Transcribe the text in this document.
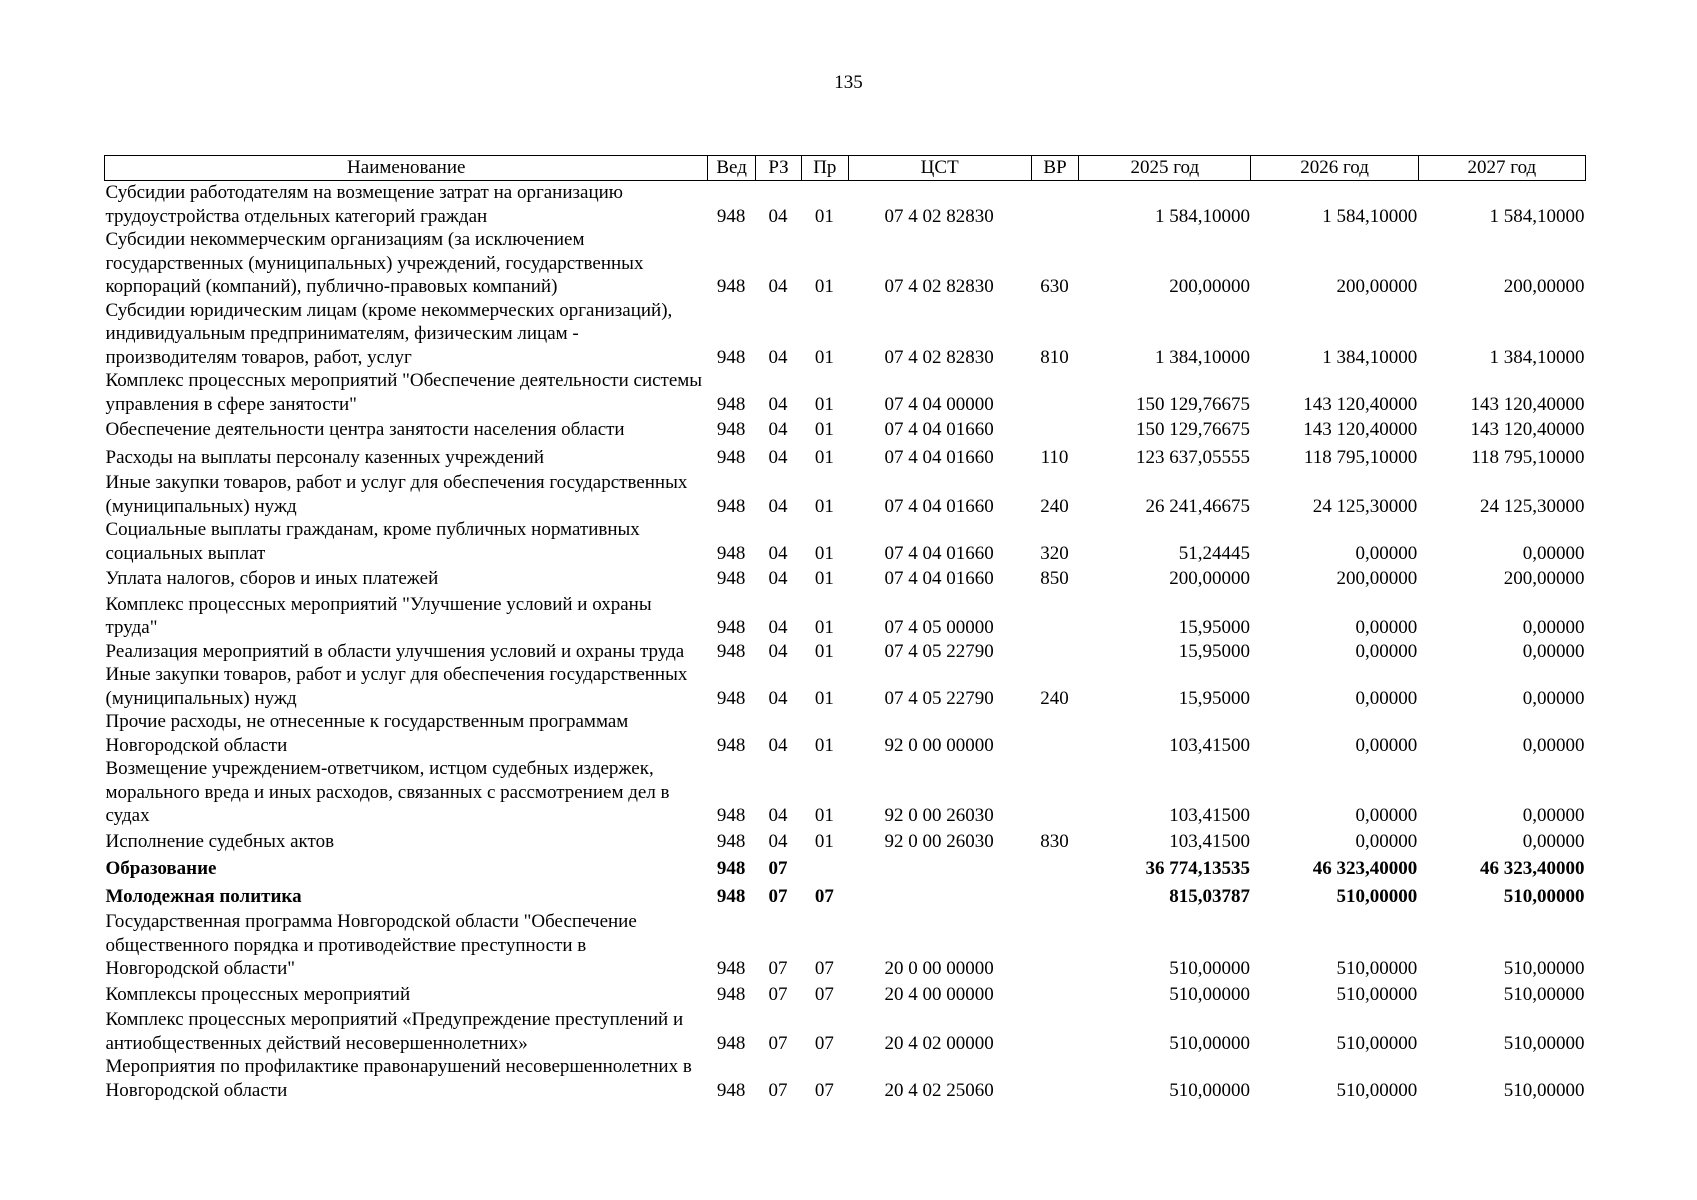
135
Наименование	Вед	РЗ	Пр	ЦСТ	ВР	2025 год	2026 год	2027 год
Субсидии работодателям на возмещение затрат на организацию трудоустройства отдельных категорий граждан	948	04	01	07 4 02 82830		1 584,10000	1 584,10000	1 584,10000
Субсидии некоммерческим организациям (за исключением государственных (муниципальных) учреждений, государственных корпораций (компаний), публично-правовых компаний)	948	04	01	07 4 02 82830	630	200,00000	200,00000	200,00000
Субсидии юридическим лицам (кроме некоммерческих организаций), индивидуальным предпринимателям, физическим лицам - производителям товаров, работ, услуг	948	04	01	07 4 02 82830	810	1 384,10000	1 384,10000	1 384,10000
Комплекс процессных мероприятий "Обеспечение деятельности системы управления в сфере занятости"	948	04	01	07 4 04 00000		150 129,76675	143 120,40000	143 120,40000
Обеспечение деятельности центра занятости населения области	948	04	01	07 4 04 01660		150 129,76675	143 120,40000	143 120,40000
Расходы на выплаты персоналу казенных учреждений	948	04	01	07 4 04 01660	110	123 637,05555	118 795,10000	118 795,10000
Иные закупки товаров, работ и услуг для обеспечения государственных (муниципальных) нужд	948	04	01	07 4 04 01660	240	26 241,46675	24 125,30000	24 125,30000
Социальные выплаты гражданам, кроме публичных нормативных социальных выплат	948	04	01	07 4 04 01660	320	51,24445	0,00000	0,00000
Уплата налогов, сборов и иных платежей	948	04	01	07 4 04 01660	850	200,00000	200,00000	200,00000
Комплекс процессных мероприятий "Улучшение условий и охраны труда"	948	04	01	07 4 05 00000		15,95000	0,00000	0,00000
Реализация мероприятий в области улучшения условий и охраны труда	948	04	01	07 4 05 22790		15,95000	0,00000	0,00000
Иные закупки товаров, работ и услуг для обеспечения государственных (муниципальных) нужд	948	04	01	07 4 05 22790	240	15,95000	0,00000	0,00000
Прочие расходы, не отнесенные к государственным программам Новгородской области	948	04	01	92 0 00 00000		103,41500	0,00000	0,00000
Возмещение учреждением-ответчиком, истцом судебных издержек, морального вреда и иных расходов, связанных с рассмотрением дел в судах	948	04	01	92 0 00 26030		103,41500	0,00000	0,00000
Исполнение судебных актов	948	04	01	92 0 00 26030	830	103,41500	0,00000	0,00000
Образование	948	07				36 774,13535	46 323,40000	46 323,40000
Молодежная политика	948	07	07			815,03787	510,00000	510,00000
Государственная программа Новгородской области "Обеспечение общественного порядка и противодействие преступности в Новгородской области"	948	07	07	20 0 00 00000		510,00000	510,00000	510,00000
Комплексы процессных мероприятий	948	07	07	20 4 00 00000		510,00000	510,00000	510,00000
Комплекс процессных мероприятий «Предупреждение преступлений и антиобщественных действий несовершеннолетних»	948	07	07	20 4 02 00000		510,00000	510,00000	510,00000
Мероприятия по профилактике правонарушений несовершеннолетних в Новгородской области	948	07	07	20 4 02 25060		510,00000	510,00000	510,00000
